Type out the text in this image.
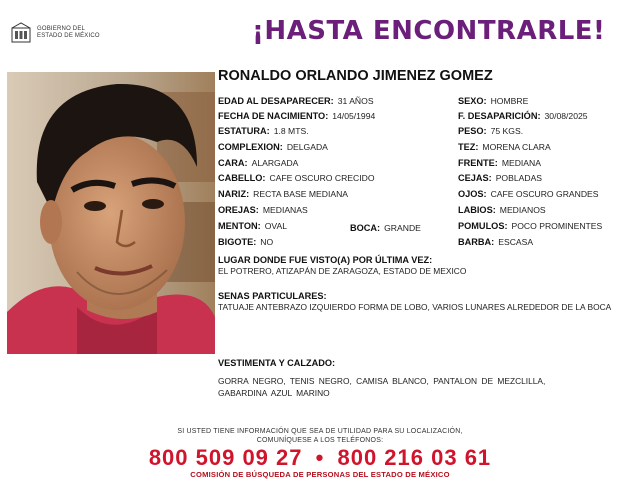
GOBIERNO DEL
ESTADO DE MÉXICO	¡HASTA ENCONTRARLE!
RONALDO ORLANDO JIMENEZ GOMEZ
EDAD AL DESAPARECER: 31 AÑOS
FECHA DE NACIMIENTO: 14/05/1994
ESTATURA: 1.8 MTS.
COMPLEXION: DELGADA
CARA: ALARGADA
CABELLO: CAFE OSCURO CRECIDO
NARIZ: RECTA BASE MEDIANA
OREJAS: MEDIANAS
MENTON: OVAL	BOCA: GRANDE
BIGOTE: NO
SEXO: HOMBRE
F. DESAPARICIÓN: 30/08/2025
PESO: 75 KGS.
TEZ: MORENA CLARA
FRENTE: MEDIANA
CEJAS: POBLADAS
OJOS: CAFE OSCURO GRANDES
LABIOS: MEDIANOS
POMULOS: POCO PROMINENTES
BARBA: ESCASA
LUGAR DONDE FUE VISTO(A) POR ÚLTIMA VEZ:
EL POTRERO, ATIZAPÁN DE ZARAGOZA, ESTADO DE MEXICO
SENAS PARTICULARES:
TATUAJE ANTEBRAZO IZQUIERDO FORMA DE LOBO, VARIOS LUNARES ALREDEDOR DE LA BOCA
VESTIMENTA Y CALZADO:
GORRA NEGRO, TENIS NEGRO, CAMISA BLANCO, PANTALON DE MEZCLILLA, GABARDINA AZUL MARINO
SI USTED TIENE INFORMACIÓN QUE SEA DE UTILIDAD PARA SU LOCALIZACIÓN,
COMUNÍQUESE A LOS TELÉFONOS:
800 509 09 27 • 800 216 03 61
COMISIÓN DE BÚSQUEDA DE PERSONAS DEL ESTADO DE MÉXICO
